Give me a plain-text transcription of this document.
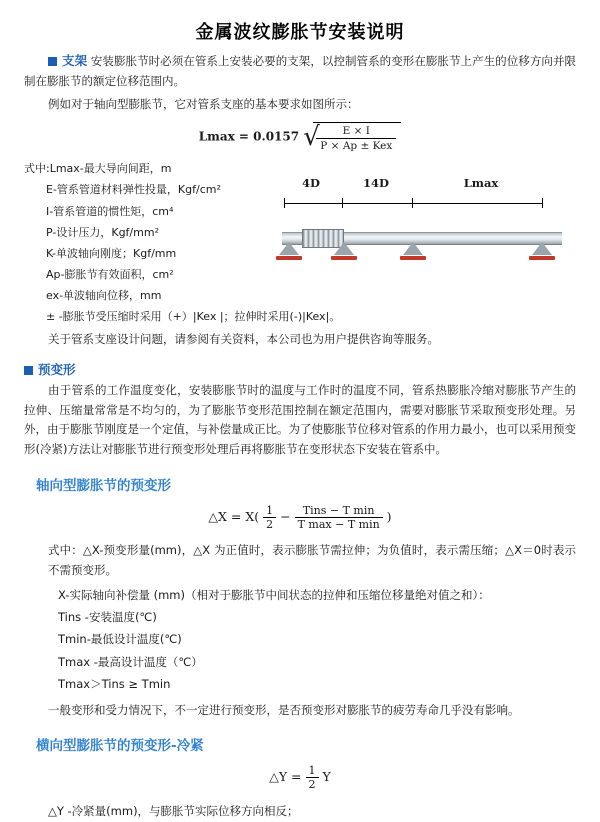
金属波纹膨胀节安装说明
支架 安装膨胀节时必须在管系上安装必要的支架，以控制管系的变形在膨胀节上产生的位移方向并限制在膨胀节的额定位移范围内。
例如对于轴向型膨胀节，它对管系支座的基本要求如图所示：
Lmax = 0.0157 √
$\frac{E \times I}{\text{P × Ap ± Kex}}$
式中:Lmax-最大导向间距，m
E-管系管道材料弹性投量，Kgf/cm²
I-管系管道的惯性矩，cm⁴
P-设计压力，Kgf/mm²
K-单波轴向刚度；Kgf/mm
Ap-膨胀节有效面积，cm²
ex-单波轴向位移，mm
± -膨胀节受压缩时采用（+）|Kex |；拉伸时采用(-)|Kex|。
4D	14D	Lmax
关于管系支座设计问题，请参阅有关资料，本公司也为用户提供咨询等服务。
预变形
由于管系的工作温度变化，安装膨胀节时的温度与工作时的温度不同，管系热膨胀冷缩对膨胀节产生的拉伸、压缩量常常是不均匀的，为了膨胀节变形范围控制在额定范围内，需要对膨胀节采取预变形处理。另外，由于膨胀节刚度是一个定值，与补偿量成正比。为了使膨胀节位移对管系的作用力最小，也可以采用预变形(冷紧)方法让对膨胀节进行预变形处理后再将膨胀节在变形状态下安装在管系中。
轴向型膨胀节的预变形
△X = $X( \frac{1}{2} - \frac{\text{Tins − T min}}{\text{T max − T min}}$ )
式中：△X-预变形量(mm)，△X 为正值时，表示膨胀节需拉伸；为负值时，表示需压缩；△X＝0时表示不需预变形。
X-实际轴向补偿量 (mm)（相对于膨胀节中间状态的拉伸和压缩位移量绝对值之和）：
Tins -安装温度(℃)
Tmin-最低设计温度(℃)
Tmax -最高设计温度（℃）
Tmax＞Tins ≥ Tmin
一般变形和受力情况下，不一定进行预变形，是否预变形对膨胀节的疲劳寿命几乎没有影响。
横向型膨胀节的预变形-冷紧
△Y = $\frac{1}{2}$ Y
△Y -冷紧量(mm)，与膨胀节实际位移方向相反；
